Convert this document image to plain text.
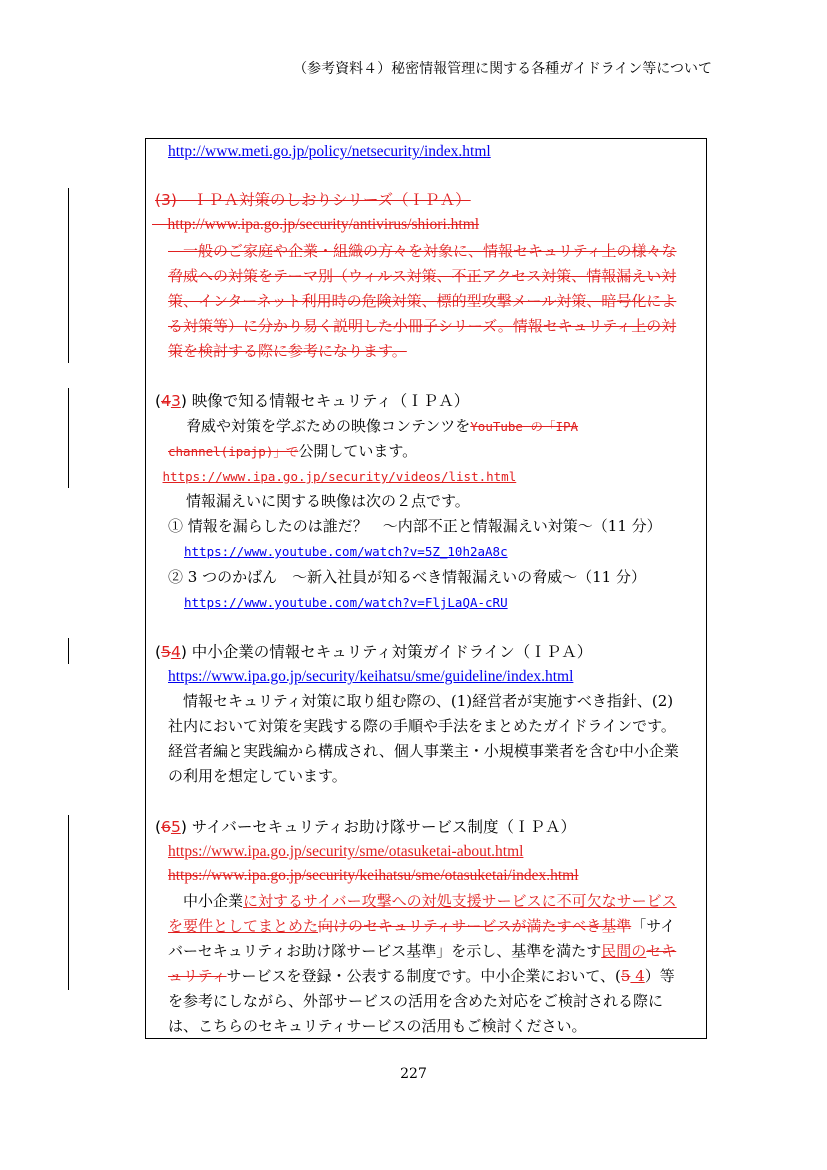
（参考資料４）秘密情報管理に関する各種ガイドライン等について
http://www.meti.go.jp/policy/netsecurity/index.html
(3)　ＩＰＡ対策のしおりシリーズ（ＩＰＡ）
　http://www.ipa.go.jp/security/antivirus/shiori.html
　一般のご家庭や企業・組織の方々を対象に、情報セキュリティ上の様々な
脅威への対策をテーマ別（ウィルス対策、不正アクセス対策、情報漏えい対
策、インターネット利用時の危険対策、標的型攻撃メール対策、暗号化によ
る対策等）に分かり易く説明した小冊子シリーズ。情報セキュリティ上の対
策を検討する際に参考になります。
(43) 映像で知る情報セキュリティ（ＩＰＡ）
脅威や対策を学ぶための映像コンテンツをYouTube の「IPA
channel(ipajp)」で公開しています。
　https://www.ipa.go.jp/security/videos/list.html
情報漏えいに関する映像は次の２点です。
① 情報を漏らしたのは誰だ？　～内部不正と情報漏えい対策～（11 分）
https://www.youtube.com/watch?v=5Z_10h2aA8c
② 3 つのかばん　～新入社員が知るべき情報漏えいの脅威～（11 分）
https://www.youtube.com/watch?v=FljLaQA-cRU
(54) 中小企業の情報セキュリティ対策ガイドライン（ＩＰＡ）
https://www.ipa.go.jp/security/keihatsu/sme/guideline/index.html
　情報セキュリティ対策に取り組む際の、(1)経営者が実施すべき指針、(2)
社内において対策を実践する際の手順や手法をまとめたガイドラインです。
経営者編と実践編から構成され、個人事業主・小規模事業者を含む中小企業
の利用を想定しています。
(65) サイバーセキュリティお助け隊サービス制度（ＩＰＡ）
https://www.ipa.go.jp/security/sme/otasuketai-about.html
https://www.ipa.go.jp/security/keihatsu/sme/otasuketai/index.html
　中小企業に対するサイバー攻撃への対処支援サービスに不可欠なサービス
を要件としてまとめた向けのセキュリティサービスが満たすべき基準「サイ
バーセキュリティお助け隊サービス基準」を示し、基準を満たす民間のセキ
ュリティサービスを登録・公表する制度です。中小企業において、(5 4）等
を参考にしながら、外部サービスの活用を含めた対応をご検討される際に
は、こちらのセキュリティサービスの活用もご検討ください。
227
